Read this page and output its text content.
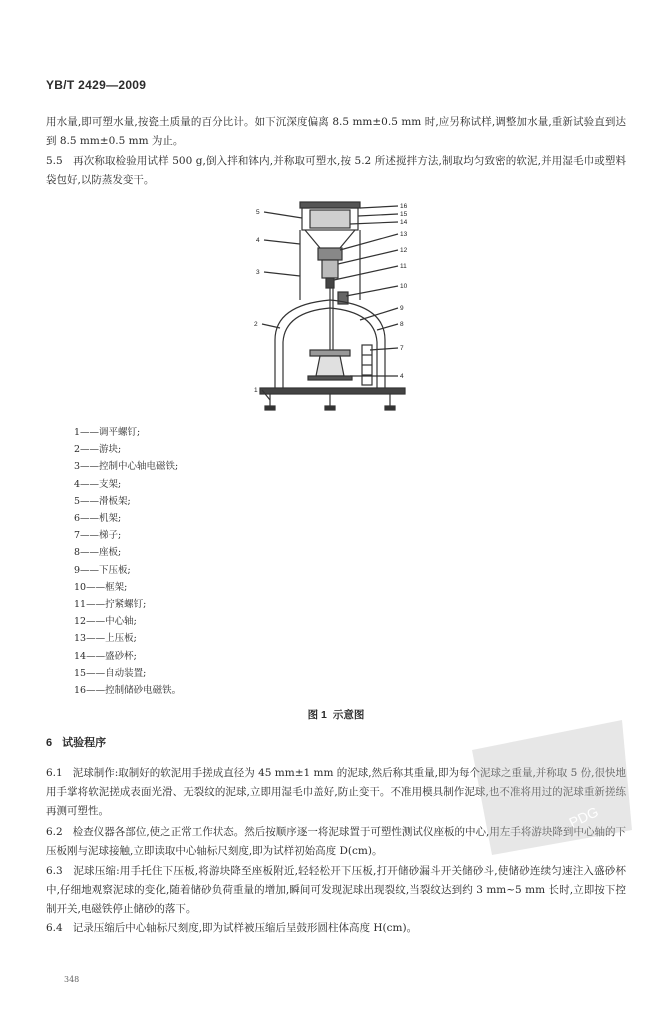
YB/T 2429—2009

用水量,即可塑水量,按瓷土质量的百分比计。如下沉深度偏离 8.5 mm±0.5 mm 时,应另称试样,调整加水量,重新试验直到达到 8.5 mm±0.5 mm 为止。

5.5 再次称取检验用试样 500 g,倒入拌和钵内,并称取可塑水,按 5.2 所述搅拌方法,制取均匀致密的软泥,并用湿毛巾或塑料袋包好,以防蒸发变干。

16
15
14
13
12
11
10
9
8
7
4
5
4
3
2
1
1——调平螺钉;
2——游块;
3——控制中心轴电磁铁;
4——支架;
5——滑板架;
6——机架;
7——梯子;
8——座板;
9——下压板;
10——框架;
11——拧紧螺钉;
12——中心轴;
13——上压板;
14——盛砂杯;
15——自动装置;
16——控制储砂电磁铁。
图 1 示意图
6 试验程序

6.1 泥球制作:取制好的软泥用手搓成直径为 45 mm±1 mm 的泥球,然后称其重量,即为每个泥球之重量,并称取 5 份,很快地用手掌将软泥搓成表面光滑、无裂纹的泥球,立即用湿毛巾盖好,防止变干。不准用模具制作泥球,也不准将用过的泥球重新搓练再测可塑性。

6.2 检查仪器各部位,使之正常工作状态。然后按顺序逐一将泥球置于可塑性测试仪座板的中心,用左手将游块降到中心轴的下压板刚与泥球接触,立即读取中心轴标尺刻度,即为试样初始高度 D(cm)。

6.3 泥球压缩:用手托住下压板,将游块降至座板附近,轻轻松开下压板,打开储砂漏斗开关储砂斗,使储砂连续匀速注入盛砂杯中,仔细地观察泥球的变化,随着储砂负荷重量的增加,瞬间可发现泥球出现裂纹,当裂纹达到约 3 mm~5 mm 长时,立即按下控制开关,电磁铁停止储砂的落下。

6.4 记录压缩后中心轴标尺刻度,即为试样被压缩后呈鼓形圆柱体高度 H(cm)。

348
PDG
